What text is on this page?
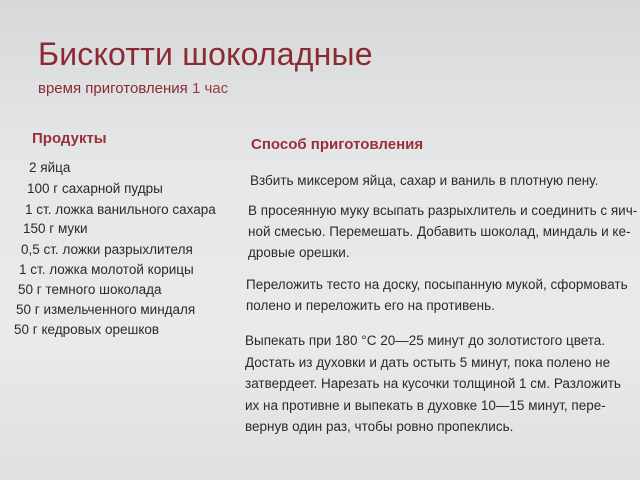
Бискотти шоколадные
время приготовления 1 час
Продукты
2 яйца
100 г сахарной пудры
1 ст. ложка ванильного сахара
150 г муки
0,5 ст. ложки разрыхлителя
1 ст. ложка молотой корицы
50 г темного шоколада
50 г измельченного миндаля
50 г кедровых орешков
Способ приготовления
Взбить миксером яйца, сахар и ваниль в плотную пену.
В просеянную муку всыпать разрыхлитель и соединить с яич-
ной смесью. Перемешать. Добавить шоколад, миндаль и ке-
дровые орешки.
Переложить тесто на доску, посыпанную мукой, сформовать
полено и переложить его на противень.
Выпекать при 180 °С 20—25 минут до золотистого цвета.
Достать из духовки и дать остыть 5 минут, пока полено не
затвердеет. Нарезать на кусочки толщиной 1 см. Разложить
их на противне и выпекать в духовке 10—15 минут, пере-
вернув один раз, чтобы ровно пропеклись.
